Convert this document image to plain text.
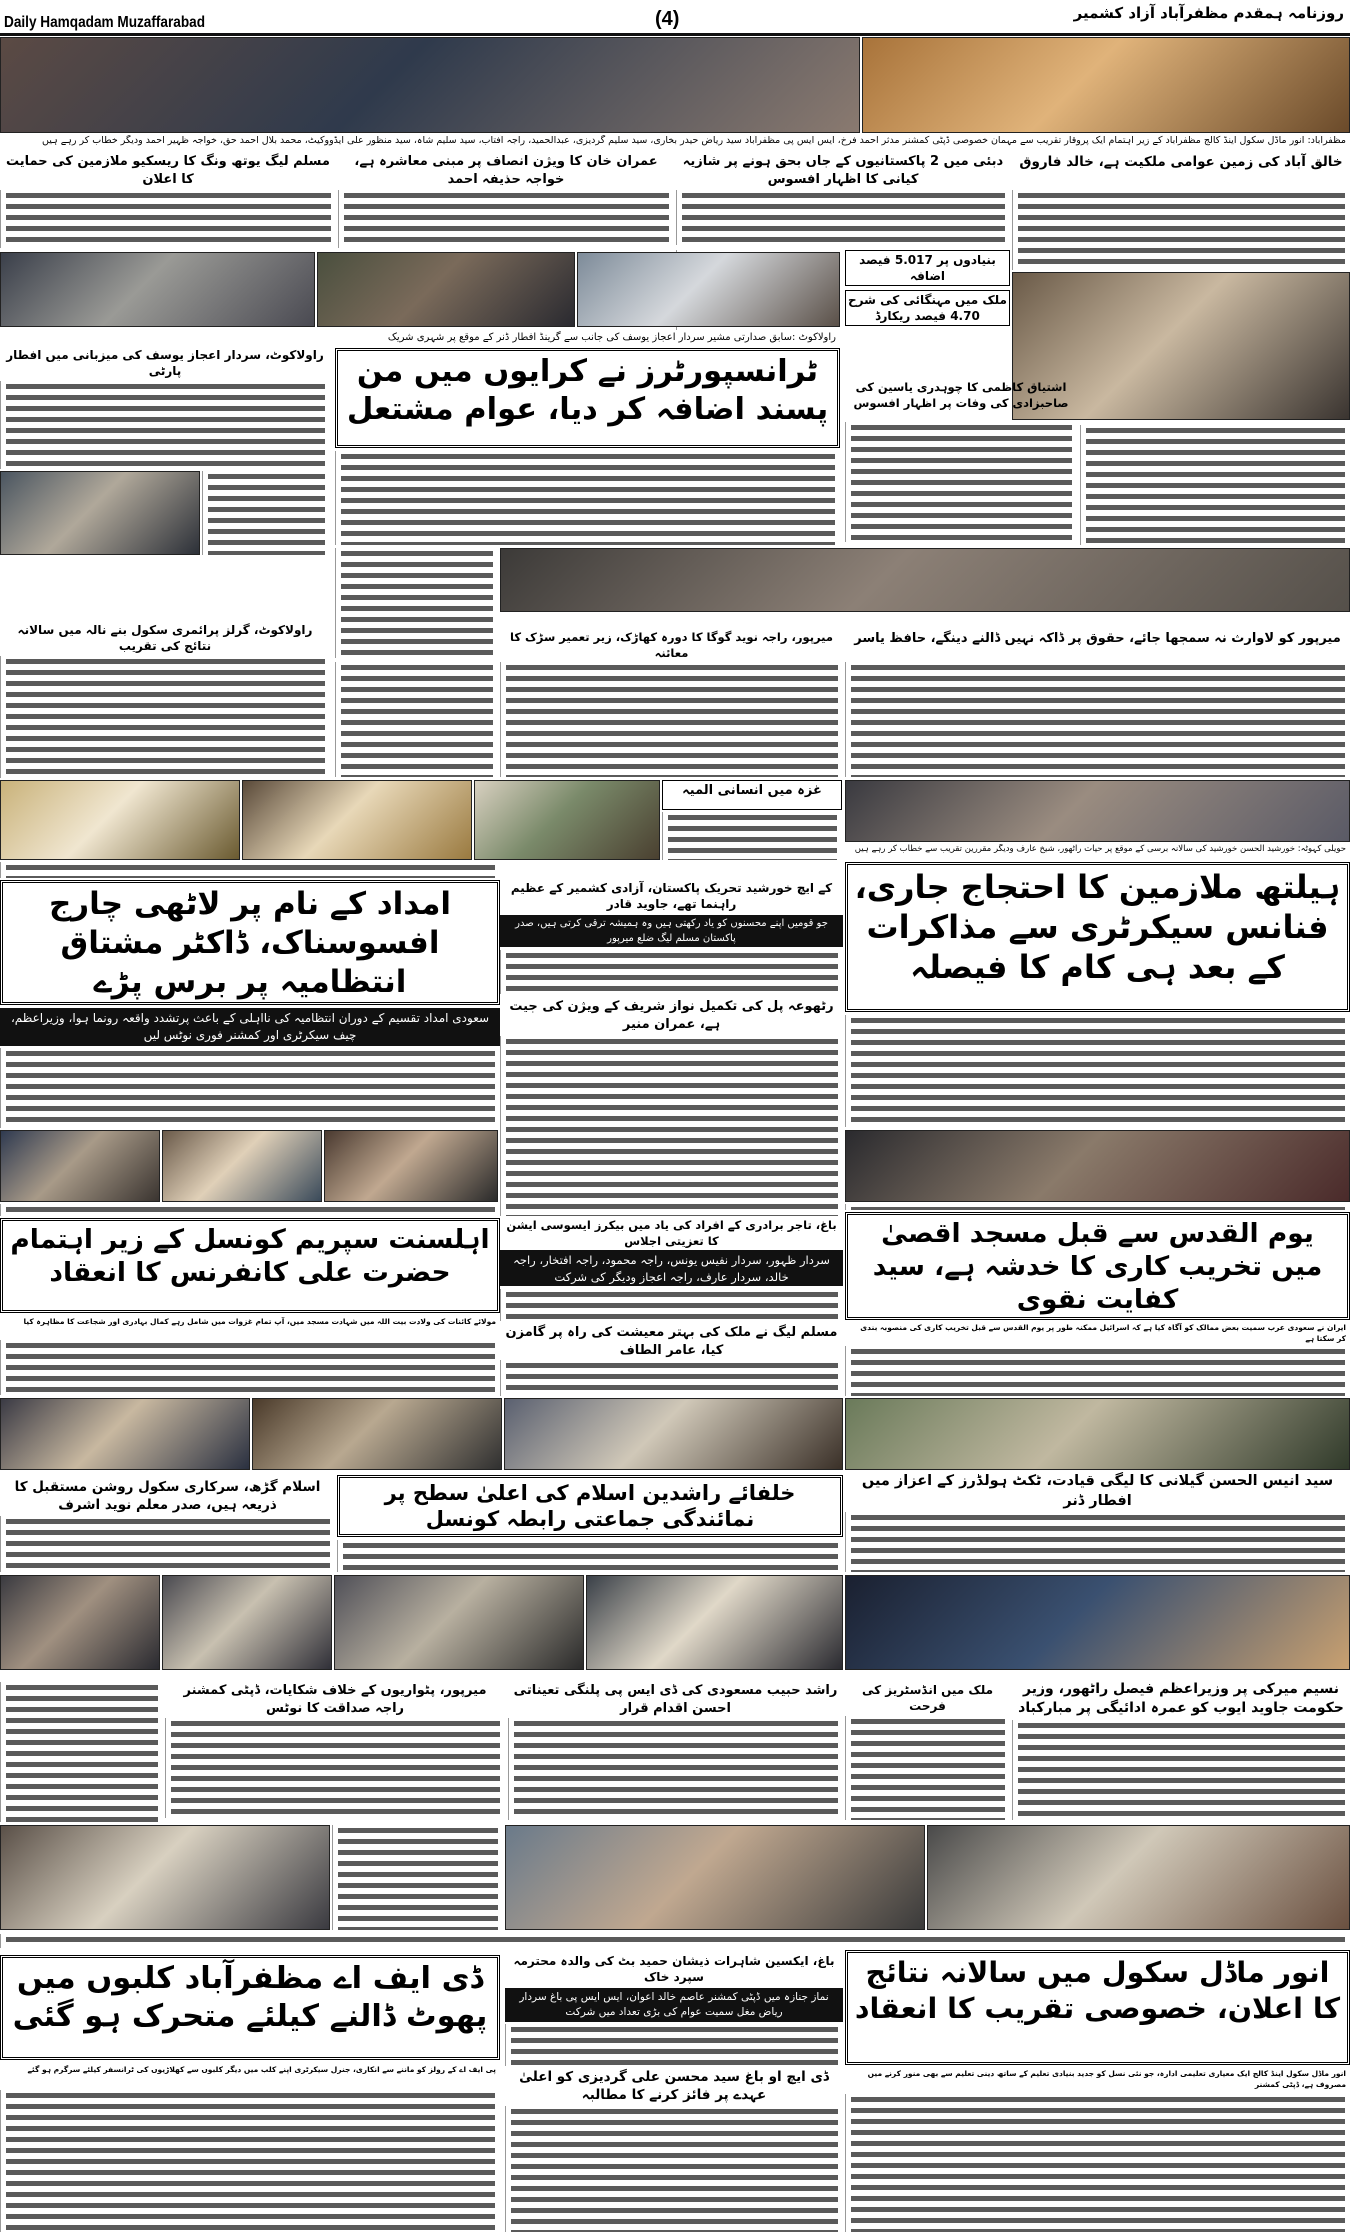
Daily Hamqadam Muzaffarabad	(4)	روزنامہ ہمقدم مظفرآباد آزاد کشمیر
مظفرآباد: انور ماڈل سکول اینڈ کالج مظفرآباد کے زیر اہتمام ایک پروقار تقریب سے مہمان خصوصی ڈپٹی کمشنر مدثر احمد فرخ، ایس ایس پی مظفرآباد سید ریاض حیدر بخاری، سید سلیم گردیزی، عبدالحمید، راجہ آفتاب، سید سلیم شاہ، سید منظور علی ایڈووکیٹ، محمد بلال احمد حق، خواجہ ظہیر احمد ودیگر خطاب کر رہے ہیں
خالق آباد کی زمین عوامی ملکیت ہے، خالد فاروق
دبئی میں 2 پاکستانیوں کے جاں بحق ہونے پر شازیہ کیانی کا اظہار افسوس
عمران خان کا ویژن انصاف پر مبنی معاشرہ ہے، خواجہ حذیفہ احمد
مسلم لیگ یوتھ ونگ کا ریسکیو ملازمین کی حمایت کا اعلان
بنیادوں پر 5.017 فیصد اضافہ
ملک میں مہنگائی کی شرح 4.70 فیصد ریکارڈ
راولاکوٹ :سابق صدارتی مشیر سردار اعجاز یوسف کی جانب سے گرینڈ افطار ڈنر کے موقع پر شہری شریک
ٹرانسپورٹرز نے کرایوں میں من پسند اضافہ کر دیا، عوام مشتعل
راولاکوٹ، سردار اعجاز یوسف کی میزبانی میں افطار پارٹی
اشتیاق کاظمی کا چوہدری یاسین کی صاحبزادی کی وفات پر اظہار افسوس
میرپور کو لاوارث نہ سمجھا جائے، حقوق پر ڈاکہ نہیں ڈالنے دینگے، حافظ یاسر
میرپور، راجہ نوید گوگا کا دورہ کھاڑک، زیر تعمیر سڑک کا معائنہ
راولاکوٹ، گرلز پرائمری سکول بنے نالہ میں سالانہ نتائج کی تقریب
غزہ میں انسانی المیہ
حویلی کہوٹہ: خورشید الحسن خورشید کی سالانہ برسی کے موقع پر حیات راٹھور، شیخ عارف ودیگر مقررین تقریب سے خطاب کر رہے ہیں
امداد کے نام پر لاٹھی چارج افسوسناک، ڈاکٹر مشتاق انتظامیہ پر برس پڑے
ہیلتھ ملازمین کا احتجاج جاری، فنانس سیکرٹری سے مذاکرات کے بعد ہی کام کا فیصلہ
کے ایچ خورشید تحریک پاکستان، آزادی کشمیر کے عظیم راہنما تھے، جاوید قادر
جو قومیں اپنے محسنوں کو یاد رکھتی ہیں وہ ہمیشہ ترقی کرتی ہیں، صدر پاکستان مسلم لیگ ضلع میرپور
رٹھوعہ پل کی تکمیل نواز شریف کے ویژن کی جیت ہے، عمران منیر
سعودی امداد تقسیم کے دوران انتظامیہ کی نااہلی کے باعث پرتشدد واقعہ رونما ہوا، وزیراعظم، چیف سیکرٹری اور کمشنر فوری نوٹس لیں
اہلسنت سپریم کونسل کے زیر اہتمام حضرت علی کانفرنس کا انعقاد
یوم القدس سے قبل مسجد اقصیٰ میں تخریب کاری کا خدشہ ہے، سید کفایت نقوی
باغ، تاجر برادری کے افراد کی یاد میں بیکرز ایسوسی ایشن کا تعزیتی اجلاس
سردار ظہور، سردار نفیس یونس، راجہ محمود، راجہ افتخار، راجہ خالد، سردار عارف، راجہ اعجاز ودیگر کی شرکت
مسلم لیگ نے ملک کی بہتر معیشت کی راہ پر گامزن کیا، عامر الطاف
مولائے کائنات کی ولادت بیت اللہ میں شہادت مسجد میں، آپ تمام غزوات میں شامل رہے کمال بہادری اور شجاعت کا مظاہرہ کیا
ایران نے سعودی عرب سمیت بعض ممالک کو آگاہ کیا ہے کہ اسرائیل ممکنہ طور پر یوم القدس سے قبل تخریب کاری کی منصوبہ بندی کر سکتا ہے
اسلام گڑھ، سرکاری سکول روشن مستقبل کا ذریعہ ہیں، صدر معلم نوید اشرف
خلفائے راشدین اسلام کی اعلیٰ سطح پر نمائندگی جماعتی رابطہ کونسل
سید انیس الحسن گیلانی کا لیگی قیادت، ٹکٹ ہولڈرز کے اعزاز میں افطار ڈنر
نسیم میرکی پر وزیراعظم فیصل راٹھور، وزیر حکومت جاوید ایوب کو عمرہ ادائیگی پر مبارکباد
ملک میں انڈسٹریز کی فرحت
راشد حبیب مسعودی کی ڈی ایس پی پلنگی تعیناتی احسن اقدام قرار
میرپور، پٹواریوں کے خلاف شکایات، ڈپٹی کمشنر راجہ صداقت کا نوٹس
ڈی ایف اے مظفرآباد کلبوں میں پھوٹ ڈالنے کیلئے متحرک ہو گئی
انور ماڈل سکول میں سالانہ نتائج کا اعلان، خصوصی تقریب کا انعقاد
باغ، ایکسین شاہرات ذیشان حمید بٹ کی والدہ محترمہ سپرد خاک
نماز جنازہ میں ڈپٹی کمشنر عاصم خالد اعوان، ایس ایس پی باغ سردار ریاض مغل سمیت عوام کی بڑی تعداد میں شرکت
ڈی ایچ او باغ سید محسن علی گردیزی کو اعلیٰ عہدے پر فائز کرنے کا مطالبہ
پی ایف اے کے رولز کو ماننے سے انکاری، جنرل سیکرٹری اپنے کلب میں دیگر کلبوں سے کھلاڑیوں کی ٹرانسفر کیلئے سرگرم ہو گئے	انور ماڈل سکول اینڈ کالج ایک معیاری تعلیمی ادارہ، جو نئی نسل کو جدید بنیادی تعلیم کے ساتھ دینی تعلیم سے بھی منور کرنے میں مصروف ہے، ڈپٹی کمشنر
